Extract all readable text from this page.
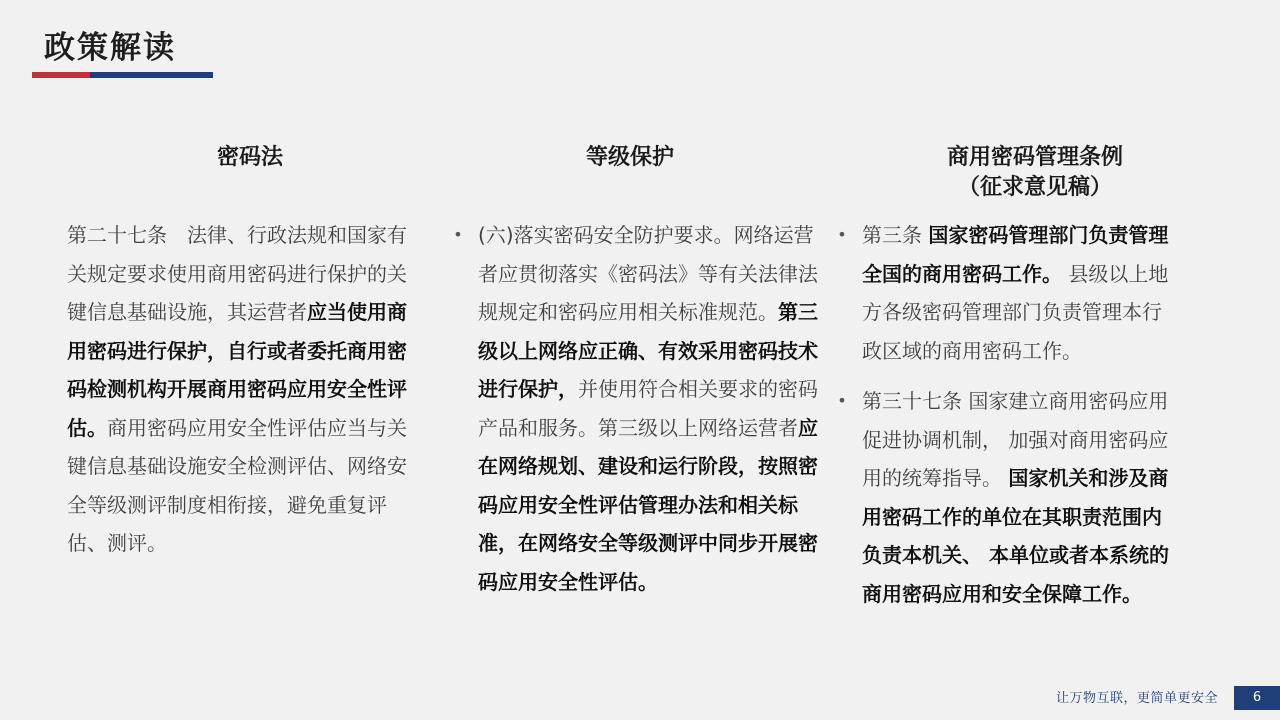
政策解读
密码法

第二十七条　法律、行政法规和国家有关规定要求使用商用密码进行保护的关键信息基础设施，其运营者应当使用商用密码进行保护，自行或者委托商用密码检测机构开展商用密码应用安全性评估。商用密码应用安全性评估应当与关键信息基础设施安全检测评估、网络安全等级测评制度相衔接，避免重复评估、测评。

等级保护
• (六)落实密码安全防护要求。网络运营者应贯彻落实《密码法》等有关法律法规规定和密码应用相关标准规范。第三级以上网络应正确、有效采用密码技术进行保护，并使用符合相关要求的密码产品和服务。第三级以上网络运营者应在网络规划、建设和运行阶段，按照密码应用安全性评估管理办法和相关标准，在网络安全等级测评中同步开展密码应用安全性评估。

商用密码管理条例
（征求意见稿）
• 第三条 国家密码管理部门负责管理全国的商用密码工作。 县级以上地方各级密码管理部门负责管理本行政区域的商用密码工作。

• 第三十七条 国家建立商用密码应用促进协调机制， 加强对商用密码应用的统筹指导。 国家机关和涉及商用密码工作的单位在其职责范围内负责本机关、 本单位或者本系统的商用密码应用和安全保障工作。

让万物互联，更简单更安全	6
